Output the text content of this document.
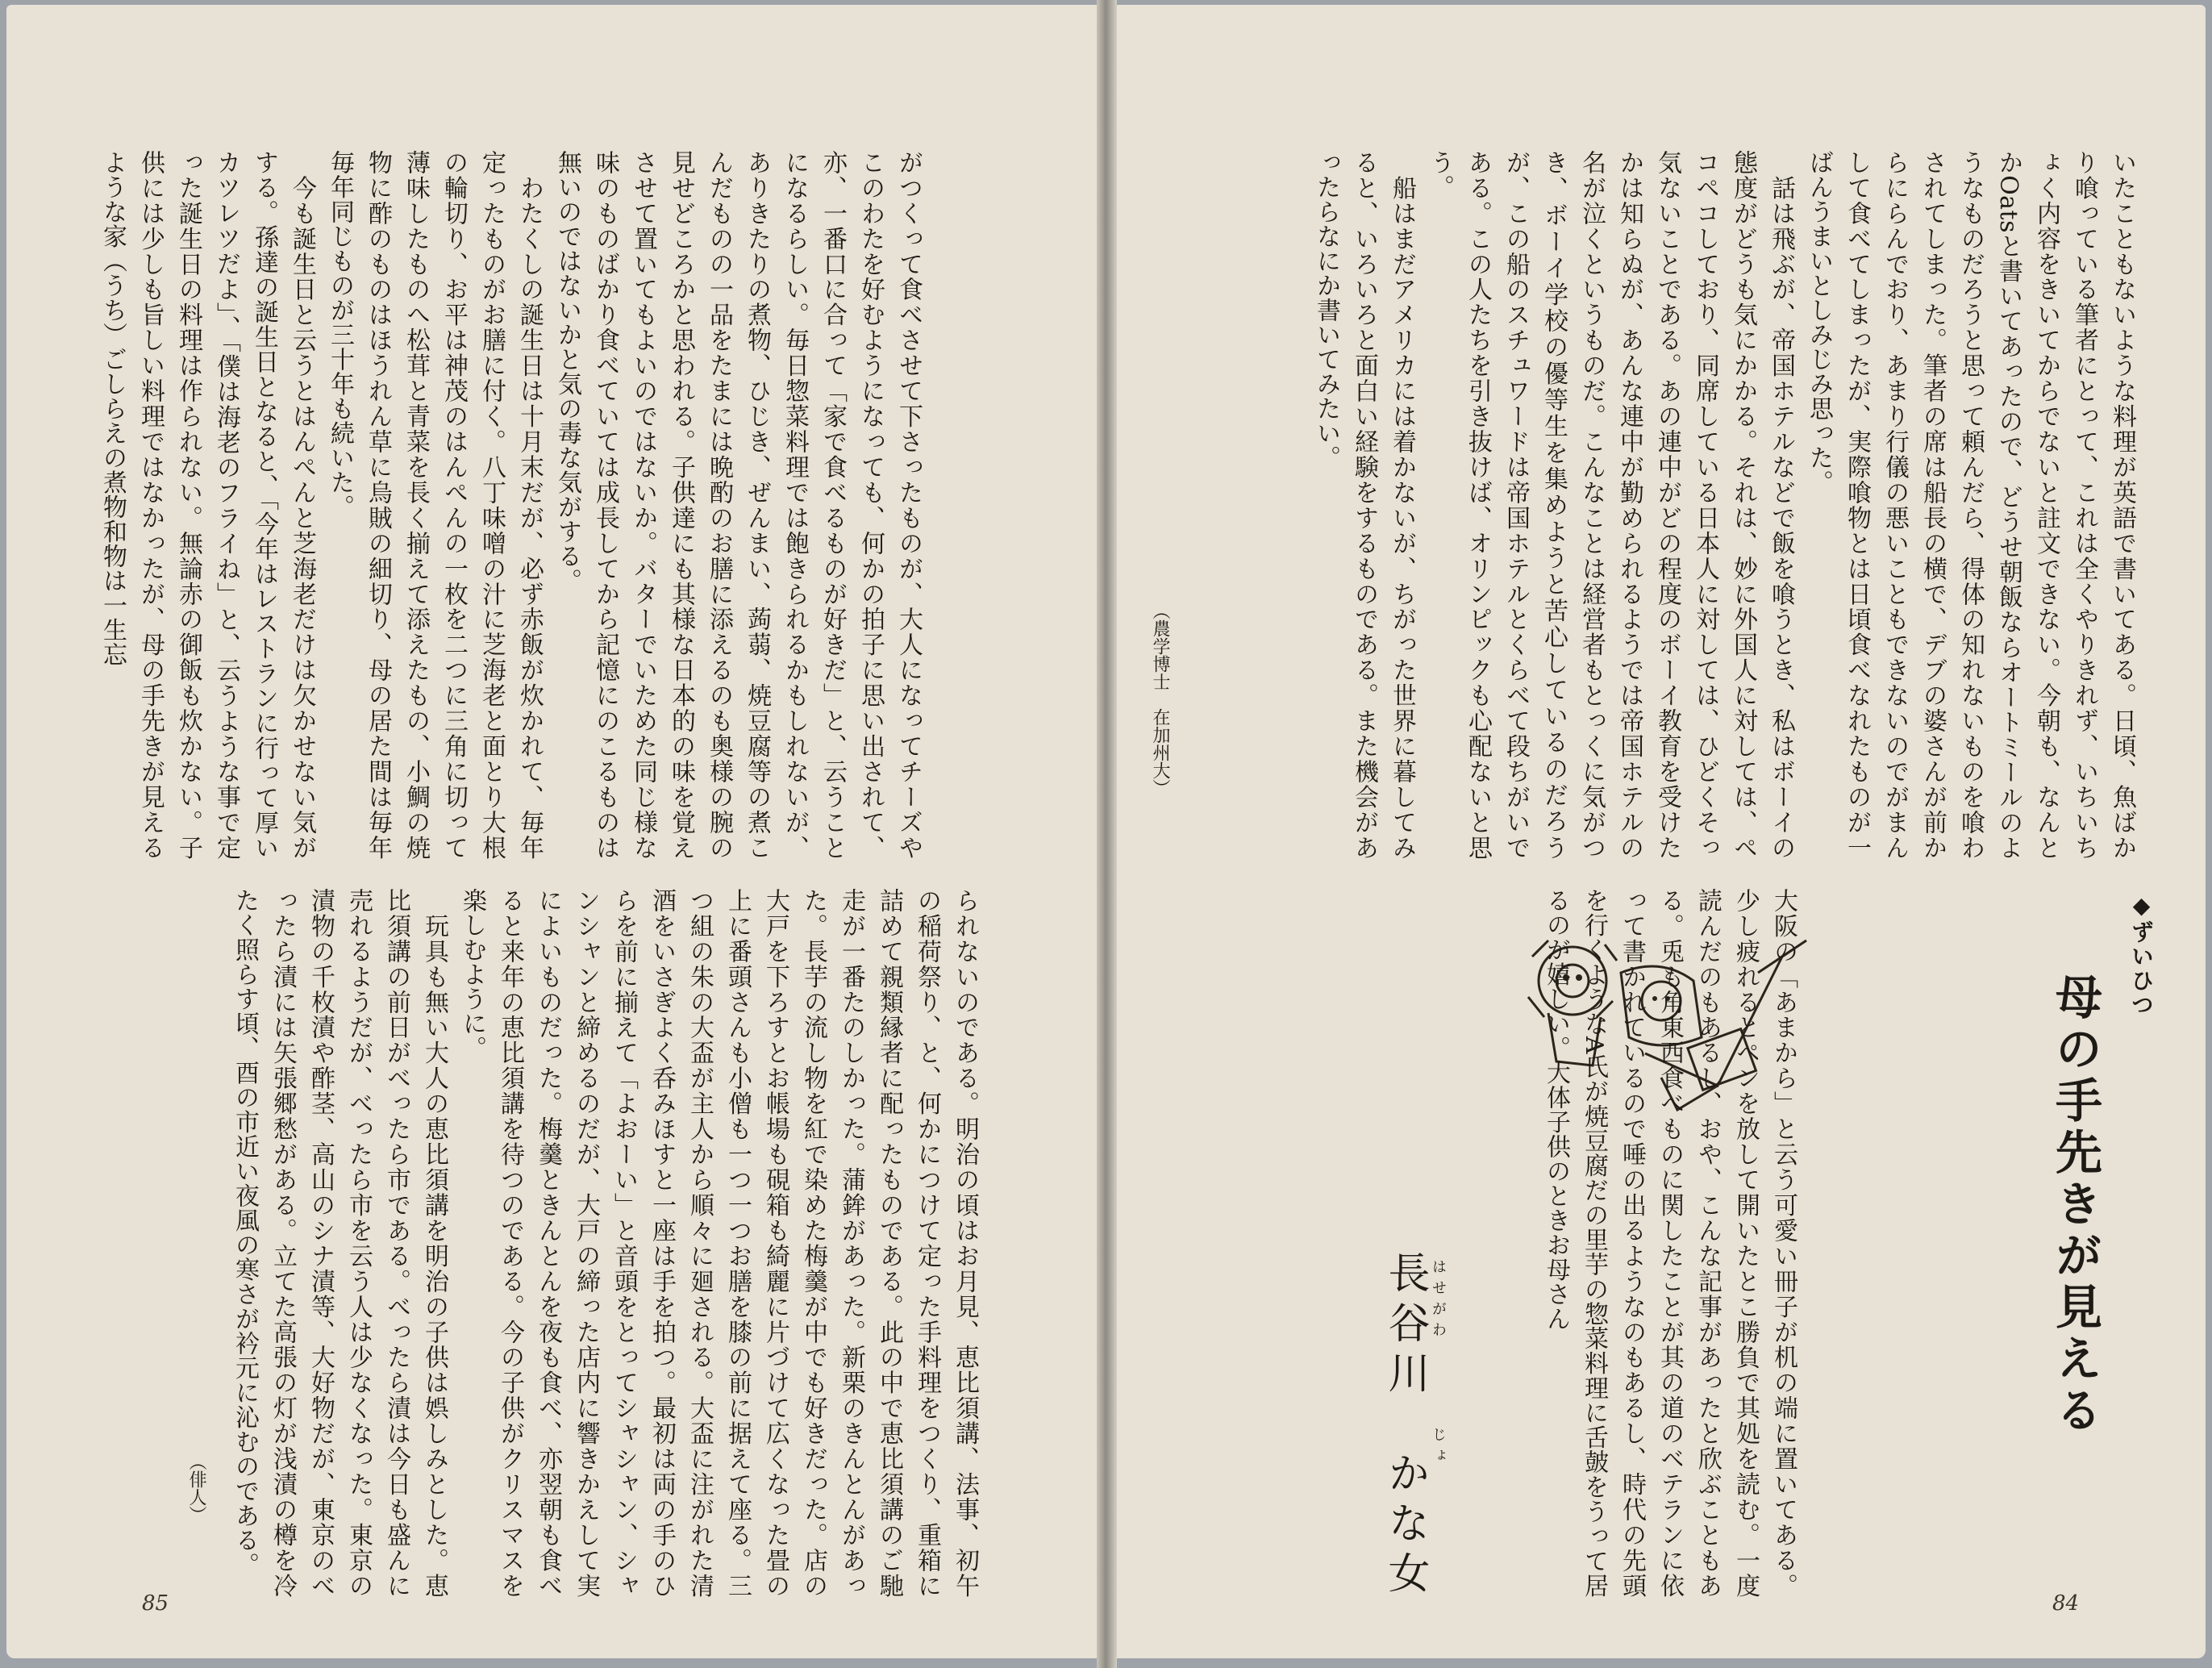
がつくって食べさせて下さったものが、大人になってチーズやこのわたを好むようになっても、何かの拍子に思い出されて、亦、一番口に合って「家で食べるものが好きだ」と、云うことになるらしい。毎日惣菜料理では飽きられるかもしれないが、ありきたりの煮物、ひじき、ぜんまい、蒟蒻、焼豆腐等の煮こんだものの一品をたまには晩酌のお膳に添えるのも奥様の腕の見せどころかと思われる。子供達にも其様な日本的の味を覚えさせて置いてもよいのではないか。バターでいためた同じ様な味のものばかり食べていては成長してから記憶にのこるものは無いのではないかと気の毒な気がする。
　わたくしの誕生日は十月末だが、必ず赤飯が炊かれて、毎年定ったものがお膳に付く。八丁味噌の汁に芝海老と面とり大根の輪切り、お平は神茂のはんぺんの一枚を二つに三角に切って薄味したものへ松茸と青菜を長く揃えて添えたもの、小鯛の焼物に酢のものはほうれん草に烏賊の細切り、母の居た間は毎年毎年同じものが三十年も続いた。
　今も誕生日と云うとはんぺんと芝海老だけは欠かせない気がする。孫達の誕生日となると、「今年はレストランに行って厚いカツレツだよ」、「僕は海老のフライね」と、云うような事で定った誕生日の料理は作られない。無論赤の御飯も炊かない。子供には少しも旨しい料理ではなかったが、母の手先きが見えるような家（うち）ごしらえの煮物和物は一生忘
られないのである。明治の頃はお月見、恵比須講、法事、初午の稲荷祭り、と、何かにつけて定った手料理をつくり、重箱に詰めて親類縁者に配ったものである。此の中で恵比須講のご馳走が一番たのしかった。蒲鉾があった。新栗のきんとんがあった。長芋の流し物を紅で染めた梅羹が中でも好きだった。店の大戸を下ろすとお帳場も硯箱も綺麗に片づけて広くなった畳の上に番頭さんも小僧も一つ一つお膳を膝の前に据えて座る。三つ組の朱の大盃が主人から順々に廻される。大盃に注がれた清酒をいさぎよく呑みほすと一座は手を拍つ。最初は両の手のひらを前に揃えて「よおーい」と音頭をとってシャシャン、シャンシャンと締めるのだが、大戸の締った店内に響きかえして実によいものだった。梅羹ときんとんを夜も食べ、亦翌朝も食べると来年の恵比須講を待つのである。今の子供がクリスマスを楽しむように。
　玩具も無い大人の恵比須講を明治の子供は娯しみとした。恵比須講の前日がべったら市である。べったら漬は今日も盛んに売れるようだが、べったら市を云う人は少なくなった。東京の漬物の千枚漬や酢茎、高山のシナ漬等、大好物だが、東京のべったら漬には矢張郷愁がある。立てた高張の灯が浅漬の樽を冷たく照らす頃、酉の市近い夜風の寒さが衿元に沁むのである。
（俳人）
85
いたこともないような料理が英語で書いてある。日頃、魚ばかり喰っている筆者にとって、これは全くやりきれず、いちいちょく内容をきいてからでないと註文できない。今朝も、なんとかOatsと書いてあったので、どうせ朝飯ならオートミールのようなものだろうと思って頼んだら、得体の知れないものを喰わされてしまった。筆者の席は船長の横で、デブの婆さんが前からにらんでおり、あまり行儀の悪いこともできないのでがまんして食べてしまったが、実際喰物とは日頃食べなれたものが一ばんうまいとしみじみ思った。
　話は飛ぶが、帝国ホテルなどで飯を喰うとき、私はボーイの態度がどうも気にかかる。それは、妙に外国人に対しては、ペコペコしており、同席している日本人に対しては、ひどくそっ気ないことである。あの連中がどの程度のボーイ教育を受けたかは知らぬが、あんな連中が勤められるようでは帝国ホテルの名が泣くというものだ。こんなことは経営者もとっくに気がつき、ボーイ学校の優等生を集めようと苦心しているのだろうが、この船のスチュワードは帝国ホテルとくらべて段ちがいである。この人たちを引き抜けば、オリンピックも心配ないと思う。
　船はまだアメリカには着かないが、ちがった世界に暮してみると、いろいろと面白い経験をするものである。また機会があったらなにか書いてみたい。
（農学博士　在加州大）
◆ずいひつ
母の手先きが見える
はせがわ　　　　じょ
長谷川　かな女	大阪の「あまから」と云う可愛い冊子が机の端に置いてある。少し疲れるとペンを放して開いたとこ勝負で其処を読む。一度読んだのもあるし、おや、こんな記事があったと欣ぶこともある。兎も角東西食べものに関したことが其の道のベテランに依って書かれているので唾の出るようなのもあるし、時代の先頭を行くようなA氏が焼豆腐だの里芋の惣菜料理に舌皷をうって居るのが嬉しい。大体子供のときお母さん
84
